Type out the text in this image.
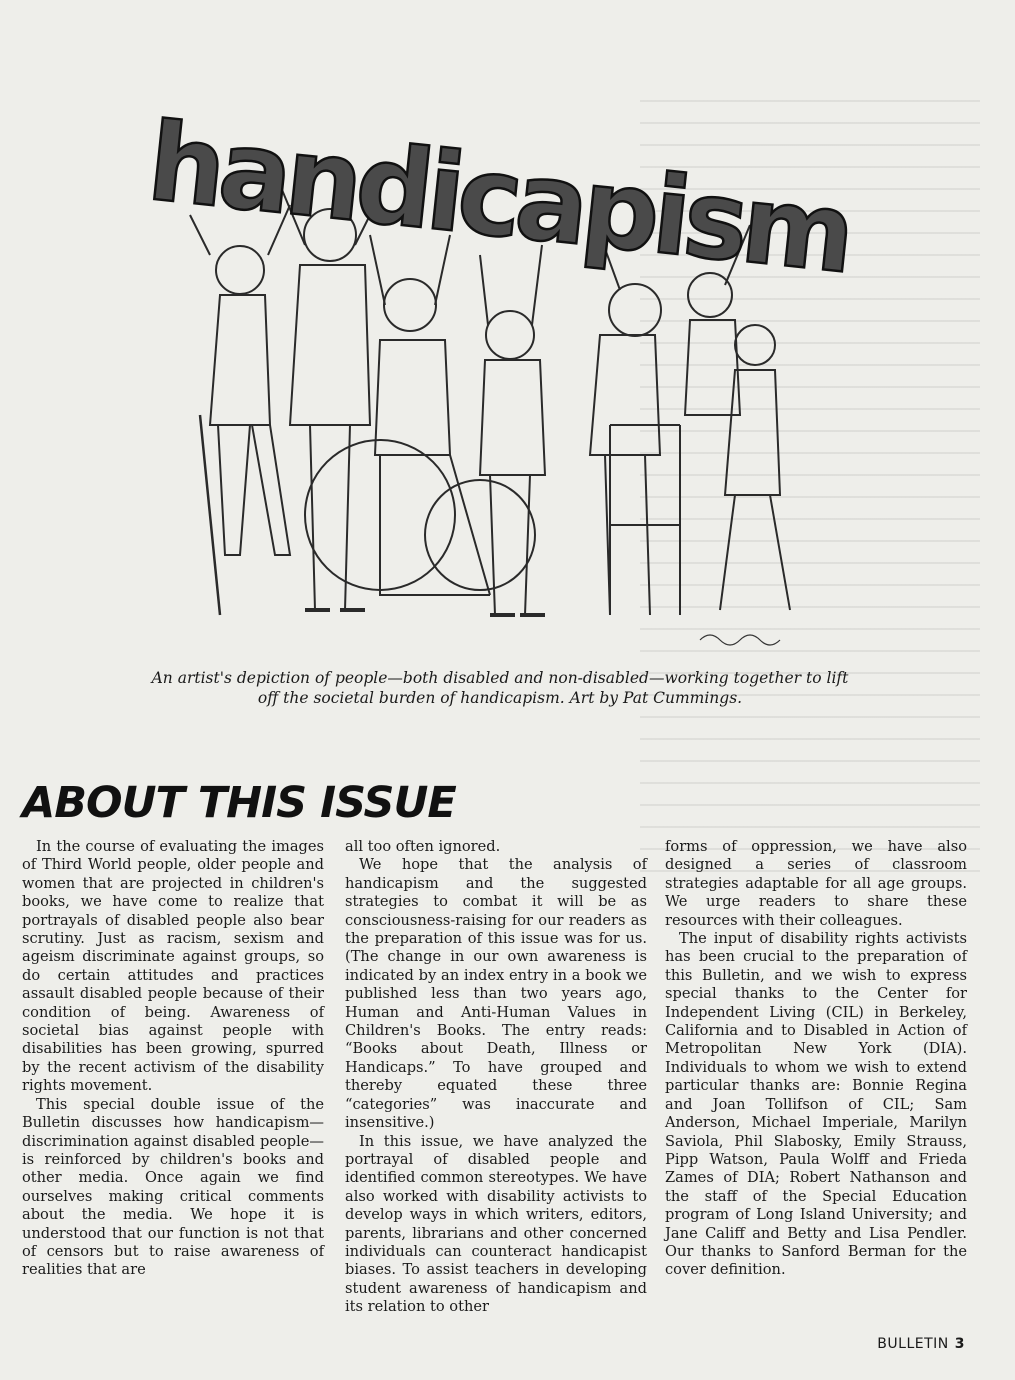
handicapism
An artist's depiction of people—both disabled and non-disabled—working together to lift off the societal burden of handicapism. Art by Pat Cummings.
ABOUT THIS ISSUE

In the course of evaluating the images of Third World people, older people and women that are projected in children's books, we have come to realize that portrayals of disabled people also bear scrutiny. Just as racism, sexism and ageism discriminate against groups, so do certain attitudes and practices assault disabled people because of their condition of being. Awareness of societal bias against people with disabilities has been growing, spurred by the recent activism of the disability rights movement.

This special double issue of the Bulletin discusses how handicapism—discrimination against disabled people—is reinforced by children's books and other media. Once again we find ourselves making critical comments about the media. We hope it is understood that our function is not that of censors but to raise awareness of realities that are

all too often ignored.

We hope that the analysis of handicapism and the suggested strategies to combat it will be as consciousness-raising for our readers as the preparation of this issue was for us. (The change in our own awareness is indicated by an index entry in a book we published less than two years ago, Human and Anti-Human Values in Children's Books. The entry reads: “Books about Death, Illness or Handicaps.” To have grouped and thereby equated these three “categories” was inaccurate and insensitive.)

In this issue, we have analyzed the portrayal of disabled people and identified common stereotypes. We have also worked with disability activists to develop ways in which writers, editors, parents, librarians and other concerned individuals can counteract handicapist biases. To assist teachers in developing student awareness of handicapism and its relation to other

forms of oppression, we have also designed a series of classroom strategies adaptable for all age groups. We urge readers to share these resources with their colleagues.

The input of disability rights activists has been crucial to the preparation of this Bulletin, and we wish to express special thanks to the Center for Independent Living (CIL) in Berkeley, California and to Disabled in Action of Metropolitan New York (DIA). Individuals to whom we wish to extend particular thanks are: Bonnie Regina and Joan Tollifson of CIL; Sam Anderson, Michael Imperiale, Marilyn Saviola, Phil Slabosky, Emily Strauss, Pipp Watson, Paula Wolff and Frieda Zames of DIA; Robert Nathanson and the staff of the Special Education program of Long Island University; and Jane Califf and Betty and Lisa Pendler. Our thanks to Sanford Berman for the cover definition.

BULLETIN 3
